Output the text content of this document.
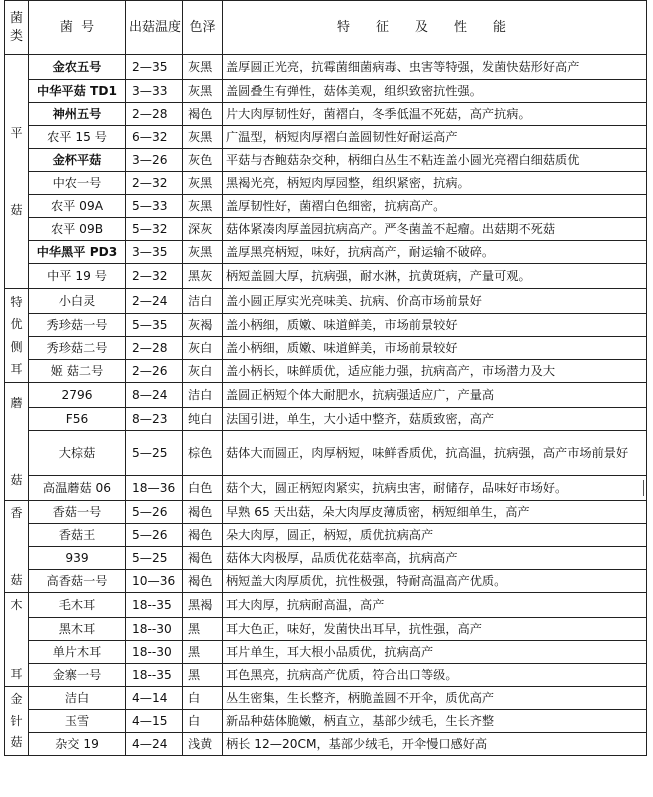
菌类	菌  号	出菇温度	色泽	特征及性能

平
菇	金农五号	2—35	灰黑	盖厚圆正光亮，抗霉菌细菌病毒、虫害等特强，发菌快菇形好高产
	中华平菇 TD1	3—33	灰黑	盖圆叠生有弹性，菇体美观，组织致密抗性强。
	神州五号	2—28	褐色	片大肉厚韧性好，菌褶白，冬季低温不死菇，高产抗病。
	农平 15 号	6—32	灰黑	广温型，柄短肉厚褶白盖圆韧性好耐运高产
	金杯平菇	3—26	灰色	平菇与杏鲍菇杂交种，柄细白丛生不粘连盖小圆光亮褶白细菇质优
	中农一号	2—32	灰黑	黑褐光亮，柄短肉厚园整，组织紧密，抗病。
	农平 09A	5—33	灰黑	盖厚韧性好，菌褶白色细密，抗病高产。
	农平 09B	5—32	深灰	菇体紧凑肉厚盖园抗病高产。严冬菌盖不起瘤。出菇期不死菇
	中华黑平 PD3	3—35	灰黑	盖厚黑亮柄短，味好，抗病高产，耐运输不破碎。
	中平 19 号	2—32	黑灰	柄短盖圆大厚，抗病强，耐水淋，抗黄斑病，产量可观。

特
优
侧
耳	小白灵	2—24	洁白	盖小圆正厚实光亮味美、抗病、价高市场前景好
	秀珍菇一号	5—35	灰褐	盖小柄细，质嫩、味道鲜美，市场前景较好
	秀珍菇二号	2—28	灰白	盖小柄细，质嫩、味道鲜美，市场前景较好
	姬 菇二号	2—26	灰白	盖小柄长，味鲜质优，适应能力强，抗病高产，市场潜力及大

蘑
菇	2796	8—24	洁白	盖圆正柄短个体大耐肥水，抗病强适应广，产量高
	F56	8—23	纯白	法国引进，单生，大小适中整齐，菇质致密，高产
	大棕菇	5—25	棕色	菇体大而圆正，肉厚柄短，味鲜香质优，抗高温，抗病强，高产市场前景好
	高温蘑菇 06	18—36	白色	菇个大，圆正柄短肉紧实，抗病虫害，耐储存，品味好市场好。

香
菇	香菇一号	5—26	褐色	早熟 65 天出菇，朵大肉厚皮薄质密，柄短细单生，高产
	香菇王	5—26	褐色	朵大肉厚，圆正，柄短，质优抗病高产
	939	5—25	褐色	菇体大肉极厚，品质优花菇率高，抗病高产
	高香菇一号	10—36	褐色	柄短盖大肉厚质优，抗性极强，特耐高温高产优质。

木
耳	毛木耳	18--35	黑褐	耳大肉厚，抗病耐高温，高产
	黑木耳	18--30	黑	耳大色正，味好，发菌快出耳早，抗性强，高产
	单片木耳	18--30	黑	耳片单生，耳大根小品质优，抗病高产
	金寨一号	18--35	黑	耳色黑亮，抗病高产优质，符合出口等级。

金
针
菇	洁白	4—14	白	丛生密集，生长整齐，柄脆盖圆不开伞，质优高产
	玉雪	4—15	白	新品种菇体脆嫩，柄直立，基部少绒毛，生长齐整
	杂交 19	4—24	浅黄	柄长 12—20CM，基部少绒毛，开伞慢口感好高
